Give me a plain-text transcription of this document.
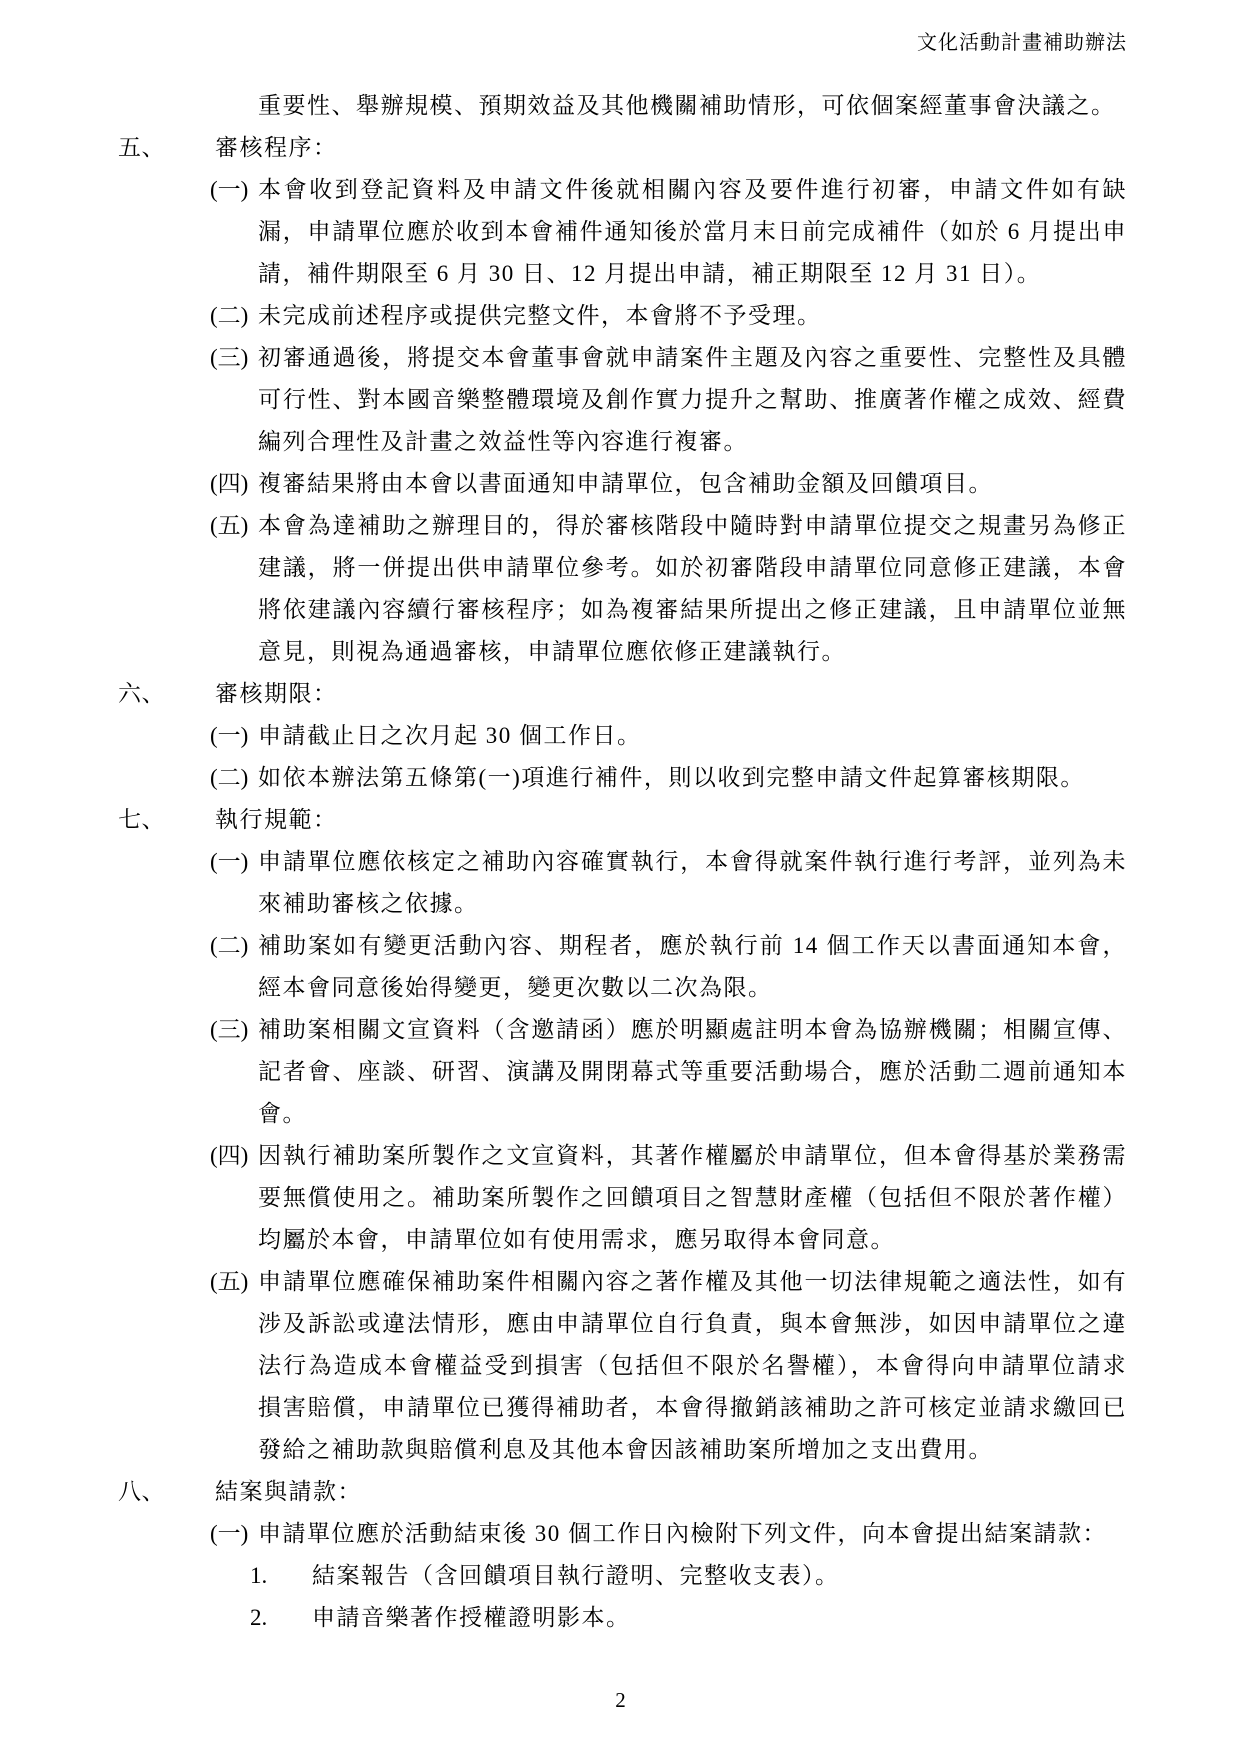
文化活動計畫補助辦法

重要性、舉辦規模、預期效益及其他機關補助情形，可依個案經董事會決議之。

五、	審核程序：
(一) 本會收到登記資料及申請文件後就相關內容及要件進行初審，申請文件如有缺漏，申請單位應於收到本會補件通知後於當月末日前完成補件（如於 6 月提出申請，補件期限至 6 月 30 日、12 月提出申請，補正期限至 12 月 31 日）。
(二) 未完成前述程序或提供完整文件，本會將不予受理。
(三) 初審通過後，將提交本會董事會就申請案件主題及內容之重要性、完整性及具體可行性、對本國音樂整體環境及創作實力提升之幫助、推廣著作權之成效、經費編列合理性及計畫之效益性等內容進行複審。
(四) 複審結果將由本會以書面通知申請單位，包含補助金額及回饋項目。
(五) 本會為達補助之辦理目的，得於審核階段中隨時對申請單位提交之規畫另為修正建議，將一併提出供申請單位參考。如於初審階段申請單位同意修正建議，本會將依建議內容續行審核程序；如為複審結果所提出之修正建議，且申請單位並無意見，則視為通過審核，申請單位應依修正建議執行。
六、	審核期限：
(一) 申請截止日之次月起 30 個工作日。
(二) 如依本辦法第五條第(一)項進行補件，則以收到完整申請文件起算審核期限。
七、	執行規範：
(一) 申請單位應依核定之補助內容確實執行，本會得就案件執行進行考評，並列為未來補助審核之依據。
(二) 補助案如有變更活動內容、期程者，應於執行前 14 個工作天以書面通知本會，經本會同意後始得變更，變更次數以二次為限。
(三) 補助案相關文宣資料（含邀請函）應於明顯處註明本會為協辦機關；相關宣傳、記者會、座談、研習、演講及開閉幕式等重要活動場合，應於活動二週前通知本會。
(四) 因執行補助案所製作之文宣資料，其著作權屬於申請單位，但本會得基於業務需要無償使用之。補助案所製作之回饋項目之智慧財產權（包括但不限於著作權）均屬於本會，申請單位如有使用需求，應另取得本會同意。
(五) 申請單位應確保補助案件相關內容之著作權及其他一切法律規範之適法性，如有涉及訴訟或違法情形，應由申請單位自行負責，與本會無涉，如因申請單位之違法行為造成本會權益受到損害（包括但不限於名譽權），本會得向申請單位請求損害賠償，申請單位已獲得補助者，本會得撤銷該補助之許可核定並請求繳回已發給之補助款與賠償利息及其他本會因該補助案所增加之支出費用。
八、	結案與請款：
(一) 申請單位應於活動結束後 30 個工作日內檢附下列文件，向本會提出結案請款：
1.	結案報告（含回饋項目執行證明、完整收支表）。
2.	申請音樂著作授權證明影本。
2
